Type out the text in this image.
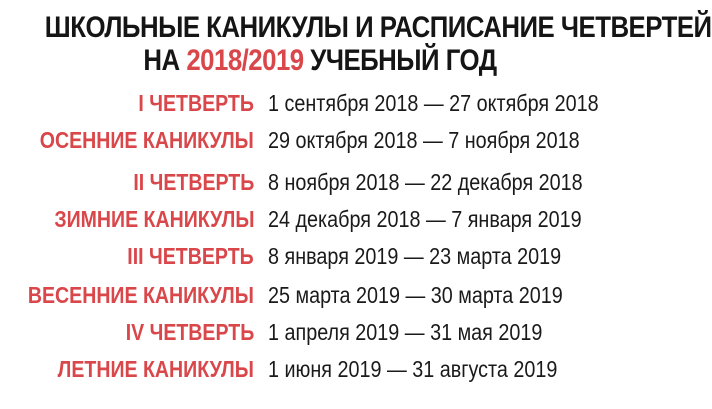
ШКОЛЬНЫЕ КАНИКУЛЫ И РАСПИСАНИЕ ЧЕТВЕРТЕЙ
НА 2018/2019 УЧЕБНЫЙ ГОД
I ЧЕТВЕРТЬ 1 сентября 2018 — 27 октября 2018
ОСЕННИЕ КАНИКУЛЫ 29 октября 2018 — 7 ноября 2018
II ЧЕТВЕРТЬ 8 ноября 2018 — 22 декабря 2018
ЗИМНИЕ КАНИКУЛЫ 24 декабря 2018 — 7 января 2019
III ЧЕТВЕРТЬ 8 января 2019 — 23 марта 2019
ВЕСЕННИЕ КАНИКУЛЫ 25 марта 2019 — 30 марта 2019
IV ЧЕТВЕРТЬ 1 апреля 2019 — 31 мая 2019
ЛЕТНИЕ КАНИКУЛЫ 1 июня 2019 — 31 августа 2019
